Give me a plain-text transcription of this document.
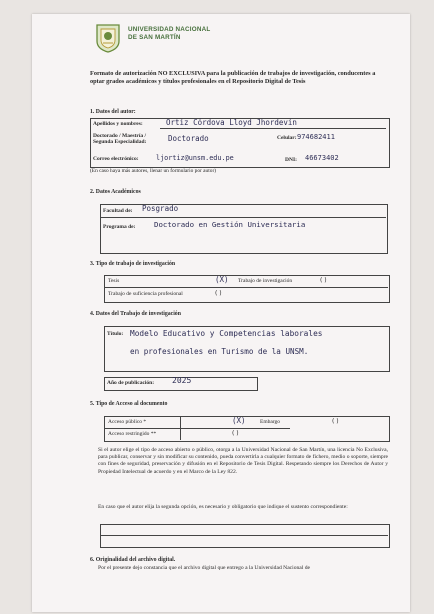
UNIVERSIDAD NACIONAL
DE SAN MARTÍN
Formato de autorización NO EXCLUSIVA para la publicación de trabajos de investigación, conducentes a optar grados académicos y títulos profesionales en el Repositorio Digital de Tesis
1. Datos del autor:
Apellidos y nombres:	Ortiz Córdova Lloyd Jhordevin
Doctorado / Maestría / Segunda Especialidad:	Doctorado	Celular: 974682411
Correo electrónico:	ljortiz@unsm.edu.pe	DNI: 46673402
(En caso haya más autores, llenar un formulario por autor)
2. Datos Académicos
Facultad de: Posgrado
Programa de:	Doctorado en Gestión Universitaria
3. Tipo de trabajo de investigación
Tesis	(X) Trabajo de investigación	( )
Trabajo de suficiencia profesional	( )
4. Datos del Trabajo de investigación
Título: Modelo Educativo y Competencias laborales
en profesionales en Turismo de la UNSM.
Año de publicación: 2025
5. Tipo de Acceso al documento
Acceso público *	(X)	Embargo	( )
Acceso restringido **	( )
Si el autor elige el tipo de acceso abierto o público, otorga a la Universidad Nacional de San Martín, una licencia No Exclusiva, para publicar, conservar y sin modificar su contenido, pueda convertirla a cualquier formato de fichero, medio o soporte, siempre con fines de seguridad, preservación y difusión en el Repositorio de Tesis Digital. Respetando siempre los Derechos de Autor y Propiedad Intelectual de acuerdo y en el Marco de la Ley 822.
En caso que el autor elija la segunda opción, es necesario y obligatorio que indique el sustento correspondiente:
6. Originalidad del archivo digital.
Por el presente dejo constancia que el archivo digital que entrego a la Universidad Nacional de
